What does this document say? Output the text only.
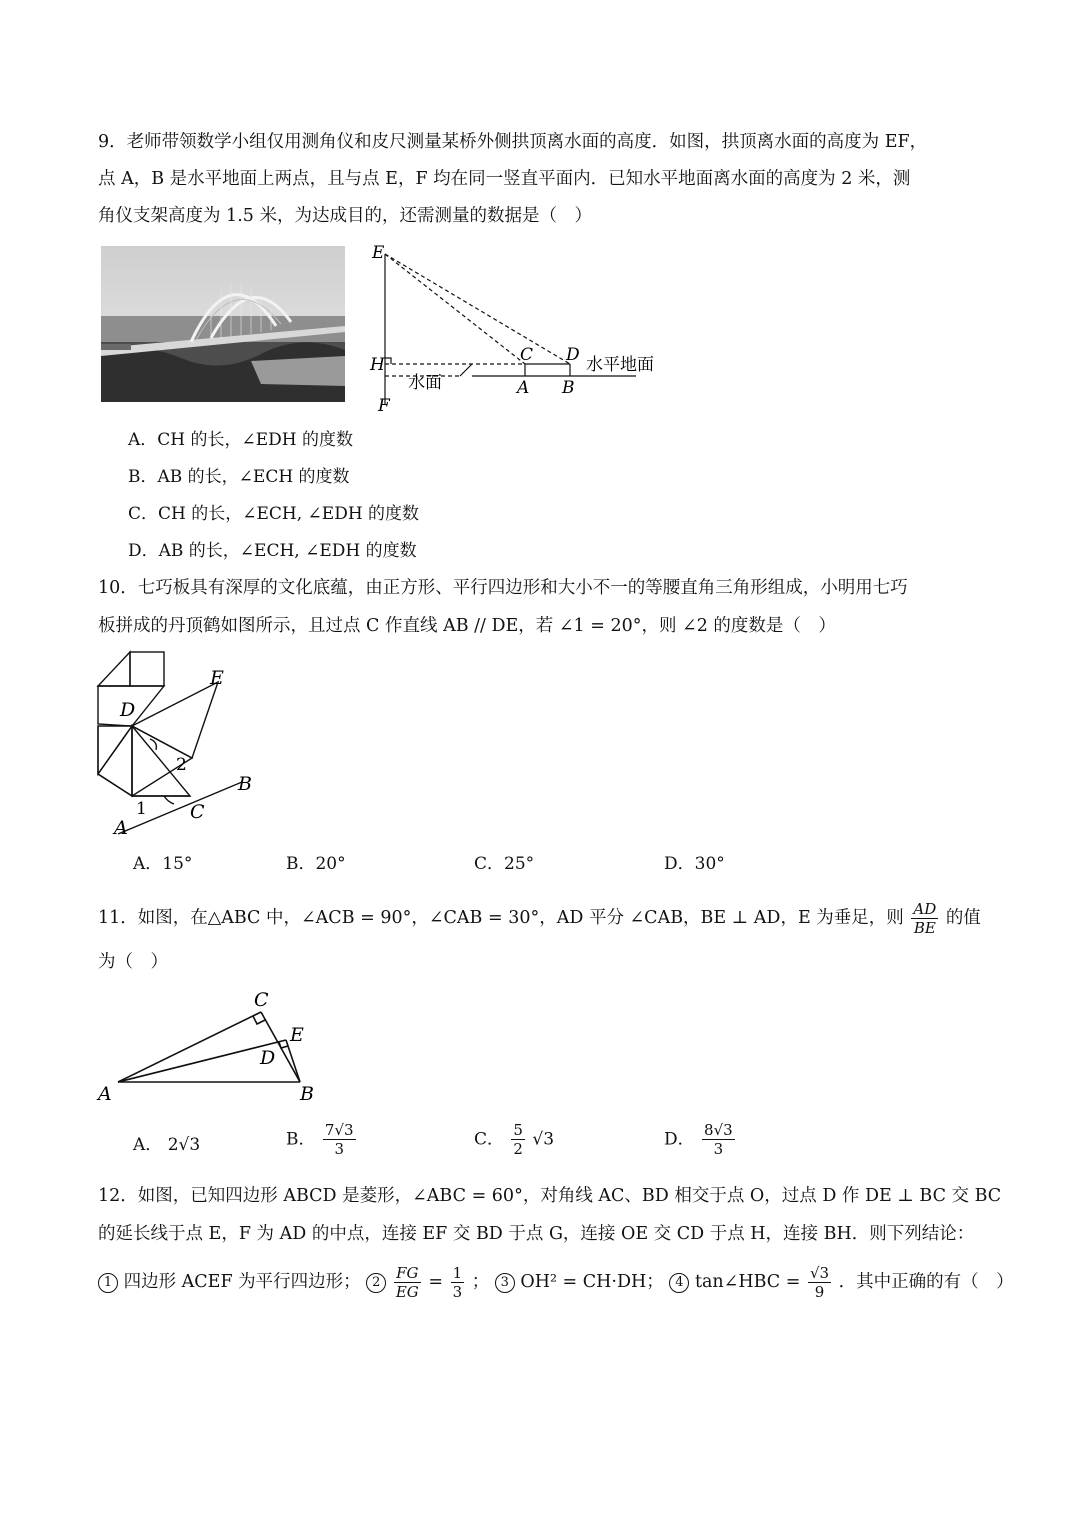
9．老师带领数学小组仅用测角仪和皮尺测量某桥外侧拱顶离水面的高度．如图，拱顶离水面的高度为 EF，
点 A，B 是水平地面上两点，且与点 E，F 均在同一竖直平面内．已知水平地面离水面的高度为 2 米，测
角仪支架高度为 1.5 米，为达成目的，还需测量的数据是（　）
E
C D
H
F
A B
水面
水平地面
A．CH 的长，∠EDH 的度数
B．AB 的长，∠ECH 的度数
C．CH 的长，∠ECH, ∠EDH 的度数
D．AB 的长，∠ECH, ∠EDH 的度数
10．七巧板具有深厚的文化底蕴，由正方形、平行四边形和大小不一的等腰直角三角形组成，小明用七巧
板拼成的丹顶鹤如图所示，且过点 C 作直线 AB // DE，若 ∠1 = 20°，则 ∠2 的度数是（　）
E
D
B
C
A
1
2
A．15°	B．20°	C．25°	D．30°
11．如图，在△ABC 中，∠ACB = 90°，∠CAB = 30°，AD 平分 ∠CAB，BE ⊥ AD，E 为垂足，则 $\frac{AD}{BE}$ 的值
为（　）
C
E
D
A	B
A． 2√3	B． $\frac{7√3}{3}$	C． $\frac{5}{2} √3$	D． $\frac{8√3}{3}$
12．如图，已知四边形 ABCD 是菱形，∠ABC = 60°，对角线 AC、BD 相交于点 O，过点 D 作 DE ⊥ BC 交 BC
的延长线于点 E，F 为 AD 的中点，连接 EF 交 BD 于点 G，连接 OE 交 CD 于点 H，连接 BH．则下列结论：
1 四边形 ACEF 为平行四边形； $2 \frac{FG}{EG} = \frac{1}{3}$ ； 3 OH² = CH·DH； 4 tan∠HBC = $\frac{√3}{9}$ ．其中正确的有（　）
